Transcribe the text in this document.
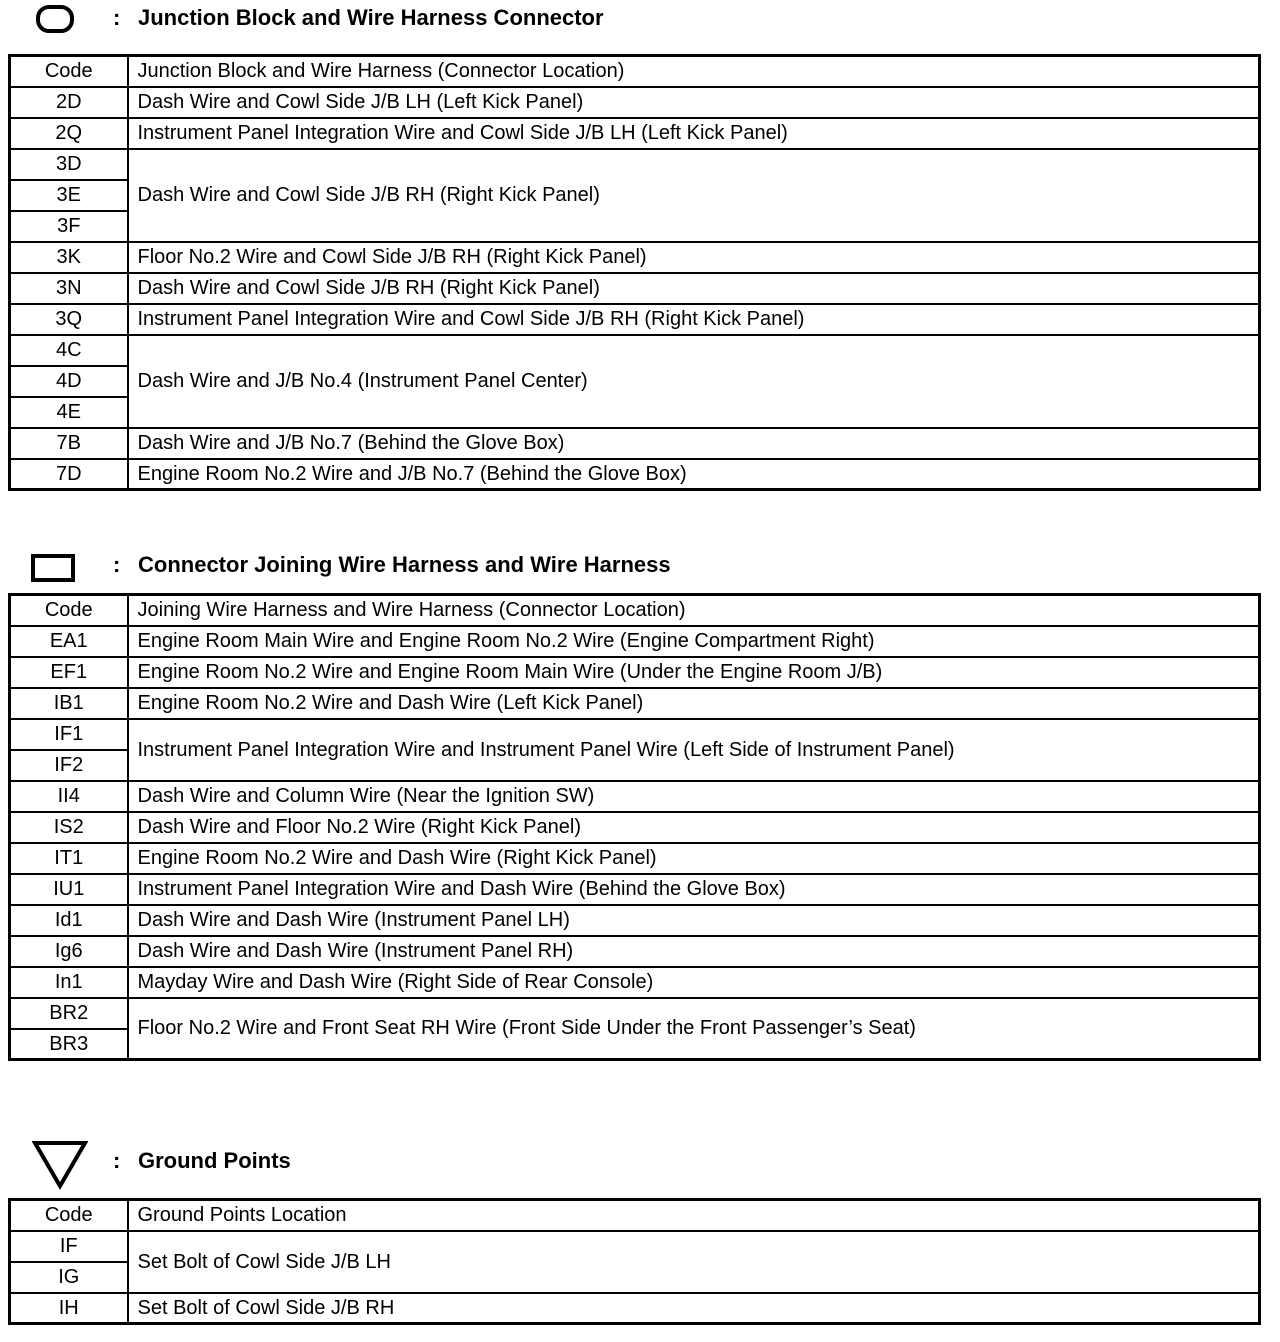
: Junction Block and Wire Harness Connector
Code	Junction Block and Wire Harness (Connector Location)
2D	Dash Wire and Cowl Side J/B LH (Left Kick Panel)
2Q	Instrument Panel Integration Wire and Cowl Side J/B LH (Left Kick Panel)
3D	Dash Wire and Cowl Side J/B RH (Right Kick Panel)
3E	
3F	
3K	Floor No.2 Wire and Cowl Side J/B RH (Right Kick Panel)
3N	Dash Wire and Cowl Side J/B RH (Right Kick Panel)
3Q	Instrument Panel Integration Wire and Cowl Side J/B RH (Right Kick Panel)
4C	Dash Wire and J/B No.4 (Instrument Panel Center)
4D	
4E	
7B	Dash Wire and J/B No.7 (Behind the Glove Box)
7D	Engine Room No.2 Wire and J/B No.7 (Behind the Glove Box)
: Connector Joining Wire Harness and Wire Harness
Code	Joining Wire Harness and Wire Harness (Connector Location)
EA1	Engine Room Main Wire and Engine Room No.2 Wire (Engine Compartment Right)
EF1	Engine Room No.2 Wire and Engine Room Main Wire (Under the Engine Room J/B)
IB1	Engine Room No.2 Wire and Dash Wire (Left Kick Panel)
IF1	Instrument Panel Integration Wire and Instrument Panel Wire (Left Side of Instrument Panel)
IF2	
II4	Dash Wire and Column Wire (Near the Ignition SW)
IS2	Dash Wire and Floor No.2 Wire (Right Kick Panel)
IT1	Engine Room No.2 Wire and Dash Wire (Right Kick Panel)
IU1	Instrument Panel Integration Wire and Dash Wire (Behind the Glove Box)
Id1	Dash Wire and Dash Wire (Instrument Panel LH)
Ig6	Dash Wire and Dash Wire (Instrument Panel RH)
In1	Mayday Wire and Dash Wire (Right Side of Rear Console)
BR2	Floor No.2 Wire and Front Seat RH Wire (Front Side Under the Front Passenger’s Seat)
BR3	
: Ground Points
Code	Ground Points Location
IF	Set Bolt of Cowl Side J/B LH
IG	
IH	Set Bolt of Cowl Side J/B RH
